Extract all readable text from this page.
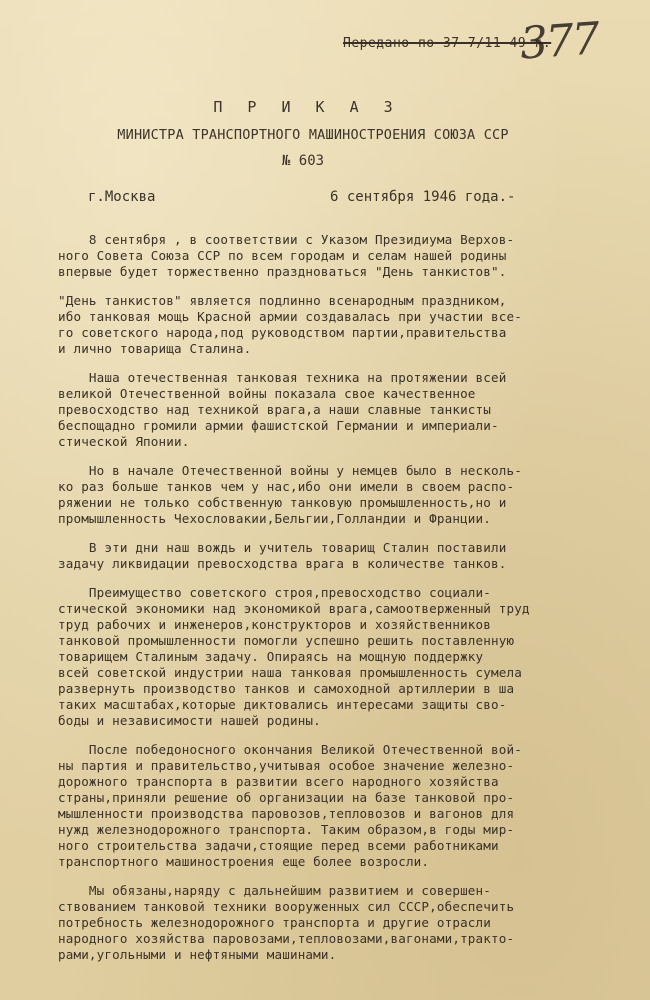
Передано по 37 7/11-49 г.
377
П Р И К А З
МИНИСТРА ТРАНСПОРТНОГО МАШИНОСТРОЕНИЯ СОЮЗА ССР
№ 603
г.Москва	6 сентября 1946 года.-
8 сентября , в соответствии с Указом Президиума Верхов-
ного Совета Союза ССР по всем городам и селам нашей родины
впервые будет торжественно праздноваться "День танкистов".
"День танкистов" является подлинно всенародным праздником,
ибо танковая мощь Красной армии создавалась при участии все-
го советского народа,под руководством партии,правительства
и лично товарища Сталина.
Наша отечественная танковая техника на протяжении всей
великой Отечественной войны показала свое качественное
превосходство над техникой врага,а наши славные танкисты
беспощадно громили армии фашистской Германии и империали-
стической Японии.
Но в начале Отечественной войны у немцев было в несколь-
ко раз больше танков чем у нас,ибо они имели в своем распо-
ряжении не только собственную танковую промышленность,но и
промышленность Чехословакии,Бельгии,Голландии и Франции.
В эти дни наш вождь и учитель товарищ Сталин поставили
задачу ликвидации превосходства врага в количестве танков.
Преимущество советского строя,превосходство социали-
стической экономики над экономикой врага,самоотверженный труд
труд рабочих и инженеров,конструкторов и хозяйственников
танковой промышленности помогли успешно решить поставленную
товарищем Сталиным задачу. Опираясь на мощную поддержку
всей советской индустрии наша танковая промышленность сумела
развернуть производство танков и самоходной артиллерии в ша
таких масштабах,которые диктовались интересами защиты сво-
боды и независимости нашей родины.
После победоносного окончания Великой Отечественной вой-
ны партия и правительство,учитывая особое значение железно-
дорожного транспорта в развитии всего народного хозяйства
страны,приняли решение об организации на базе танковой про-
мышленности производства паровозов,тепловозов и вагонов для
нужд железнодорожного транспорта. Таким образом,в годы мир-
ного строительства задачи,стоящие перед всеми работниками
транспортного машиностроения еще более возросли.
Мы обязаны,наряду с дальнейшим развитием и совершен-
ствованием танковой техники вооруженных сил СССР,обеспечить
потребность железнодорожного транспорта и другие отрасли
народного хозяйства паровозами,тепловозами,вагонами,тракто-
рами,угольными и нефтяными машинами.
